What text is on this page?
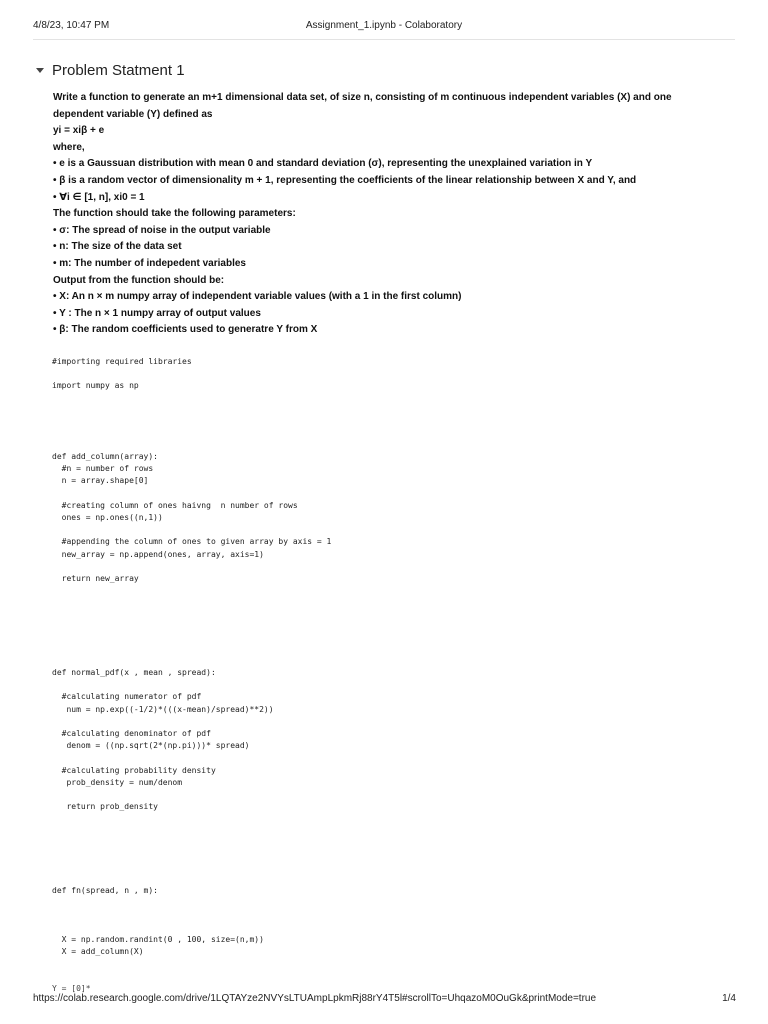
4/8/23, 10:47 PM	Assignment_1.ipynb - Colaboratory
Problem Statment 1

Write a function to generate an m+1 dimensional data set, of size n, consisting of m continuous independent variables (X) and one dependent variable (Y) defined as

yi = xiβ + e

where,

• e is a Gaussuan distribution with mean 0 and standard deviation (σ), representing the unexplained variation in Y

• β is a random vector of dimensionality m + 1, representing the coefficients of the linear relationship between X and Y, and

• ∀i ∈ [1, n], xi0 = 1

The function should take the following parameters:

• σ: The spread of noise in the output variable

• n: The size of the data set

• m: The number of indepedent variables

Output from the function should be:

• X: An n × m numpy array of independent variable values (with a 1 in the first column)

• Y : The n × 1 numpy array of output values

• β: The random coefficients used to generatre Y from X

#importing required libraries

import numpy as np
def add_column(array):
#n = number of rows
n = array.shape[0]

#creating column of ones haivng  n number of rows
ones = np.ones((n,1))

#appending the column of ones to given array by axis = 1
new_array = np.append(ones, array, axis=1)

return new_array
def normal_pdf(x , mean , spread):

#calculating numerator of pdf
num = np.exp((-1/2)*(((x-mean)/spread)**2))

#calculating denominator of pdf
denom = ((np.sqrt(2*(np.pi)))* spread)

#calculating probability density
prob_density = num/denom

return prob_density
def fn(spread, n , m):

X = np.random.randint(0 , 100, size=(n,m))
X = add_column(X)
Y = [0]*
https://colab.research.google.com/drive/1LQTAYze2NVYsLTUAmpLpkmRj88rY4T5l#scrollTo=UhqazoM0OuGk&printMode=true	1/4
